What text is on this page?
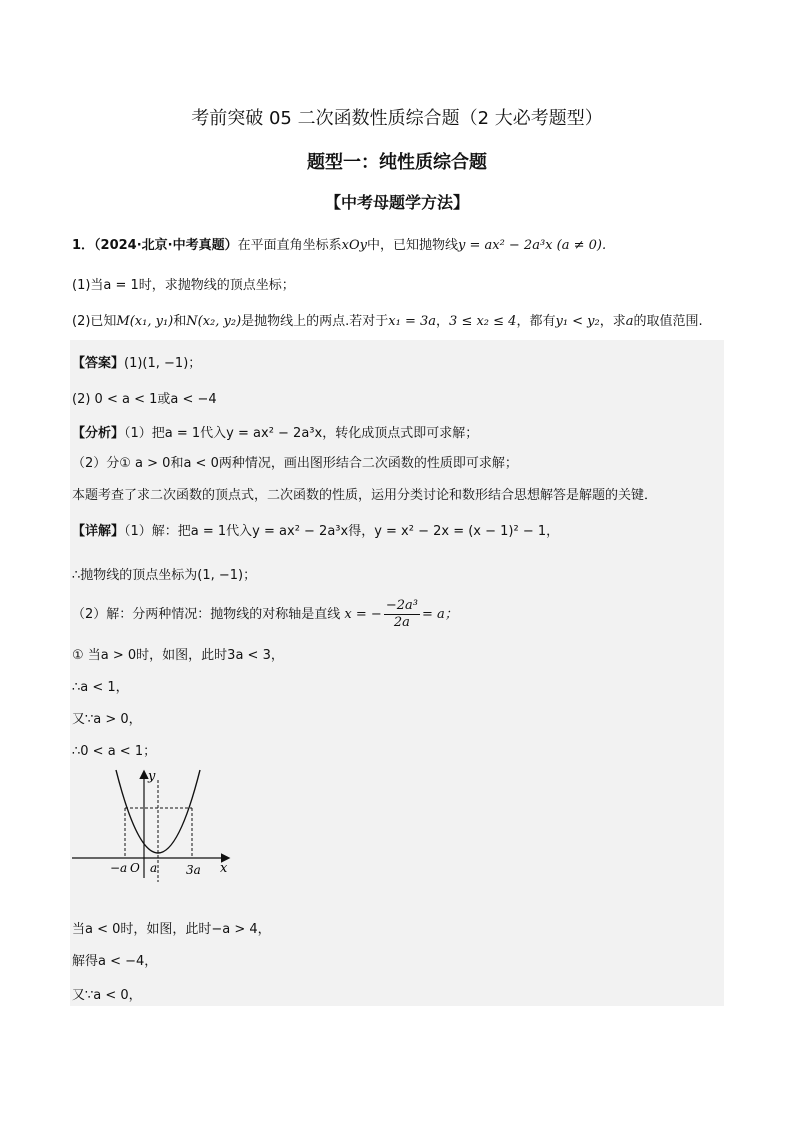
考前突破 05 二次函数性质综合题（2 大必考题型）
题型一：纯性质综合题
【中考母题学方法】
1．（2024·北京·中考真题）在平面直角坐标系xOy中，已知抛物线y = ax² − 2a³x (a ≠ 0).
(1)当a = 1时，求抛物线的顶点坐标；
(2)已知M(x₁, y₁)和N(x₂, y₂)是抛物线上的两点.若对于x₁ = 3a，3 ≤ x₂ ≤ 4，都有y₁ < y₂，求a的取值范围.
【答案】(1)(1, −1)；
(2) 0 < a < 1或a < −4
【分析】（1）把a = 1代入y = ax² − 2a³x，转化成顶点式即可求解；
（2）分① a > 0和a < 0两种情况，画出图形结合二次函数的性质即可求解；
本题考查了求二次函数的顶点式，二次函数的性质，运用分类讨论和数形结合思想解答是解题的关键．
【详解】（1）解：把a = 1代入y = ax² − 2a³x得，y = x² − 2x = (x − 1)² − 1，
∴抛物线的顶点坐标为(1, −1)；
（2）解：分两种情况：抛物线的对称轴是直线 x = − $\frac{\text{−2a³}}{2a} = a$；
① 当a > 0时，如图，此时3a < 3，
∴a < 1，
又∵a > 0，
∴0 < a < 1；
y
x
−a O a 3a
当a < 0时，如图，此时−a > 4，
解得a < −4，
又∵a < 0，
